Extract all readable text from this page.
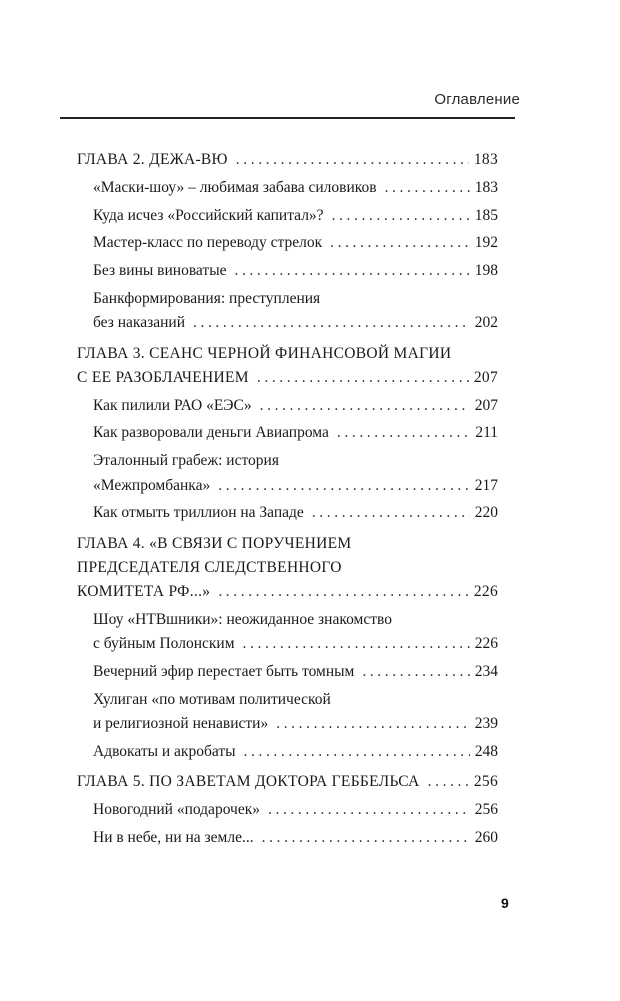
Оглавление
ГЛАВА 2. ДЕЖА-ВЮ .....	183
«Маски-шоу» – любимая забава силовиков .....	183
Куда исчез «Российский капитал»? .....	185
Мастер-класс по переводу стрелок .....	192
Без вины виноватые .....	198
Банкформирования: преступления
без наказаний .....	202
ГЛАВА 3. СЕАНС ЧЕРНОЙ ФИНАНСОВОЙ МАГИИ
С ЕЕ РАЗОБЛАЧЕНИЕМ .....	207
Как пилили РАО «ЕЭС» .....	207
Как разворовали деньги Авиапрома .....	211
Эталонный грабеж: история
«Межпромбанка» .....	217
Как отмыть триллион на Западе .....	220
ГЛАВА 4. «В СВЯЗИ С ПОРУЧЕНИЕМ
ПРЕДСЕДАТЕЛЯ СЛЕДСТВЕННОГО
КОМИТЕТА РФ...» .....	226
Шоу «НТВшники»: неожиданное знакомство
с буйным Полонским .....	226
Вечерний эфир перестает быть томным .....	234
Хулиган «по мотивам политической
и религиозной ненависти» .....	239
Адвокаты и акробаты .....	248
ГЛАВА 5. ПО ЗАВЕТАМ ДОКТОРА ГЕББЕЛЬСА .....	256
Новогодний «подарочек» .....	256
Ни в небе, ни на земле... .....	260
9
